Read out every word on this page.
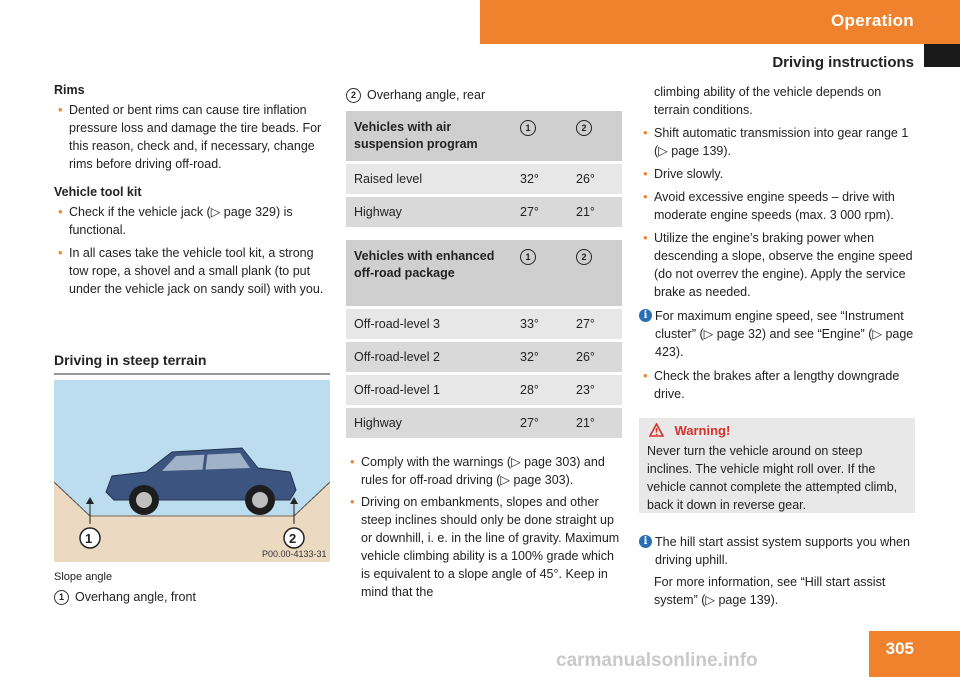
Operation
Driving instructions
Rims
• Dented or bent rims can cause tire inflation pressure loss and damage the tire beads. For this reason, check and, if necessary, change rims before driving off-road.
Vehicle tool kit
• Check if the vehicle jack (▷ page 329) is functional.
• In all cases take the vehicle tool kit, a strong tow rope, a shovel and a small plank (to put under the vehicle jack on sandy soil) with you.
Driving in steep terrain
1	2
P00.00-4133-31
Slope angle
1 Overhang angle, front
2 Overhang angle, rear
Vehicles with air suspension program	1	2
Raised level	32°	26°
Highway	27°	21°
Vehicles with enhanced off-road package	1	2
Off-road-level 3	33°	27°
Off-road-level 2	32°	26°
Off-road-level 1	28°	23°
Highway	27°	21°
• Comply with the warnings (▷ page 303) and rules for off-road driving (▷ page 303).
• Driving on embankments, slopes and other steep inclines should only be done straight up or downhill, i. e. in the line of gravity. Maximum vehicle climbing ability is a 100% grade which is equivalent to a slope angle of 45°. Keep in mind that the
climbing ability of the vehicle depends on terrain conditions.
• Shift automatic transmission into gear range 1 (▷ page 139).
• Drive slowly.
• Avoid excessive engine speeds – drive with moderate engine speeds (max. 3 000 rpm).
• Utilize the engine’s braking power when descending a slope, observe the engine speed (do not overrev the engine). Apply the service brake as needed.
i For maximum engine speed, see “Instrument cluster” (▷ page 32) and see “Engine” (▷ page 423).
• Check the brakes after a lengthy downgrade drive.
Warning!
Never turn the vehicle around on steep inclines. The vehicle might roll over. If the vehicle cannot complete the attempted climb, back it down in reverse gear.
i The hill start assist system supports you when driving uphill.
For more information, see “Hill start assist system” (▷ page 139).
305
carmanualsonline.info
